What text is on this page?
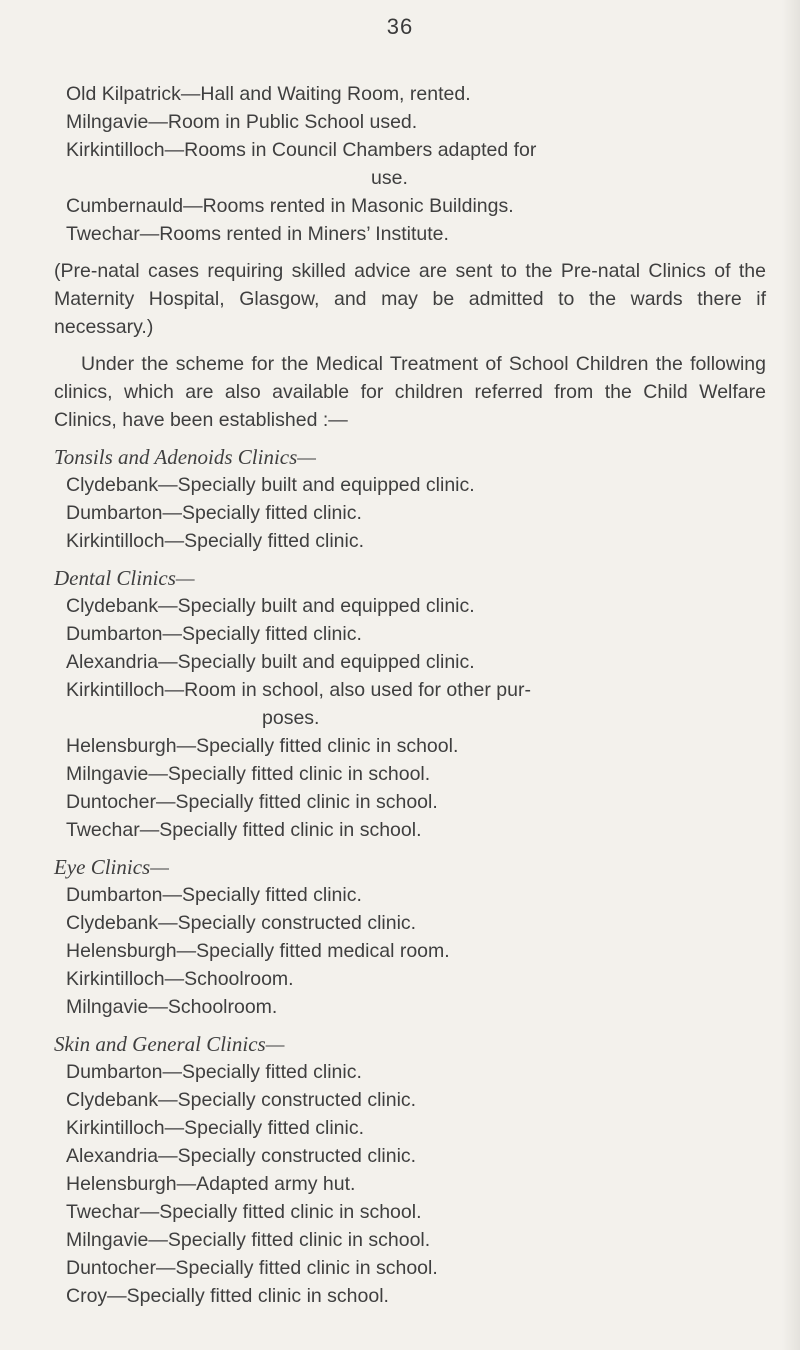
36
Old Kilpatrick—Hall and Waiting Room, rented.
Milngavie—Room in Public School used.
Kirkintilloch—Rooms in Council Chambers adapted for
use.
Cumbernauld—Rooms rented in Masonic Buildings.
Twechar—Rooms rented in Miners’ Institute.
(Pre-natal cases requiring skilled advice are sent to the Pre-natal Clinics of the Maternity Hospital, Glasgow, and may be admitted to the wards there if necessary.)
Under the scheme for the Medical Treatment of School Children the following clinics, which are also available for children referred from the Child Welfare Clinics, have been established :—
Tonsils and Adenoids Clinics—
Clydebank—Specially built and equipped clinic.
Dumbarton—Specially fitted clinic.
Kirkintilloch—Specially fitted clinic.
Dental Clinics—
Clydebank—Specially built and equipped clinic.
Dumbarton—Specially fitted clinic.
Alexandria—Specially built and equipped clinic.
Kirkintilloch—Room in school, also used for other pur-
poses.
Helensburgh—Specially fitted clinic in school.
Milngavie—Specially fitted clinic in school.
Duntocher—Specially fitted clinic in school.
Twechar—Specially fitted clinic in school.
Eye Clinics—
Dumbarton—Specially fitted clinic.
Clydebank—Specially constructed clinic.
Helensburgh—Specially fitted medical room.
Kirkintilloch—Schoolroom.
Milngavie—Schoolroom.
Skin and General Clinics—
Dumbarton—Specially fitted clinic.
Clydebank—Specially constructed clinic.
Kirkintilloch—Specially fitted clinic.
Alexandria—Specially constructed clinic.
Helensburgh—Adapted army hut.
Twechar—Specially fitted clinic in school.
Milngavie—Specially fitted clinic in school.
Duntocher—Specially fitted clinic in school.
Croy—Specially fitted clinic in school.
